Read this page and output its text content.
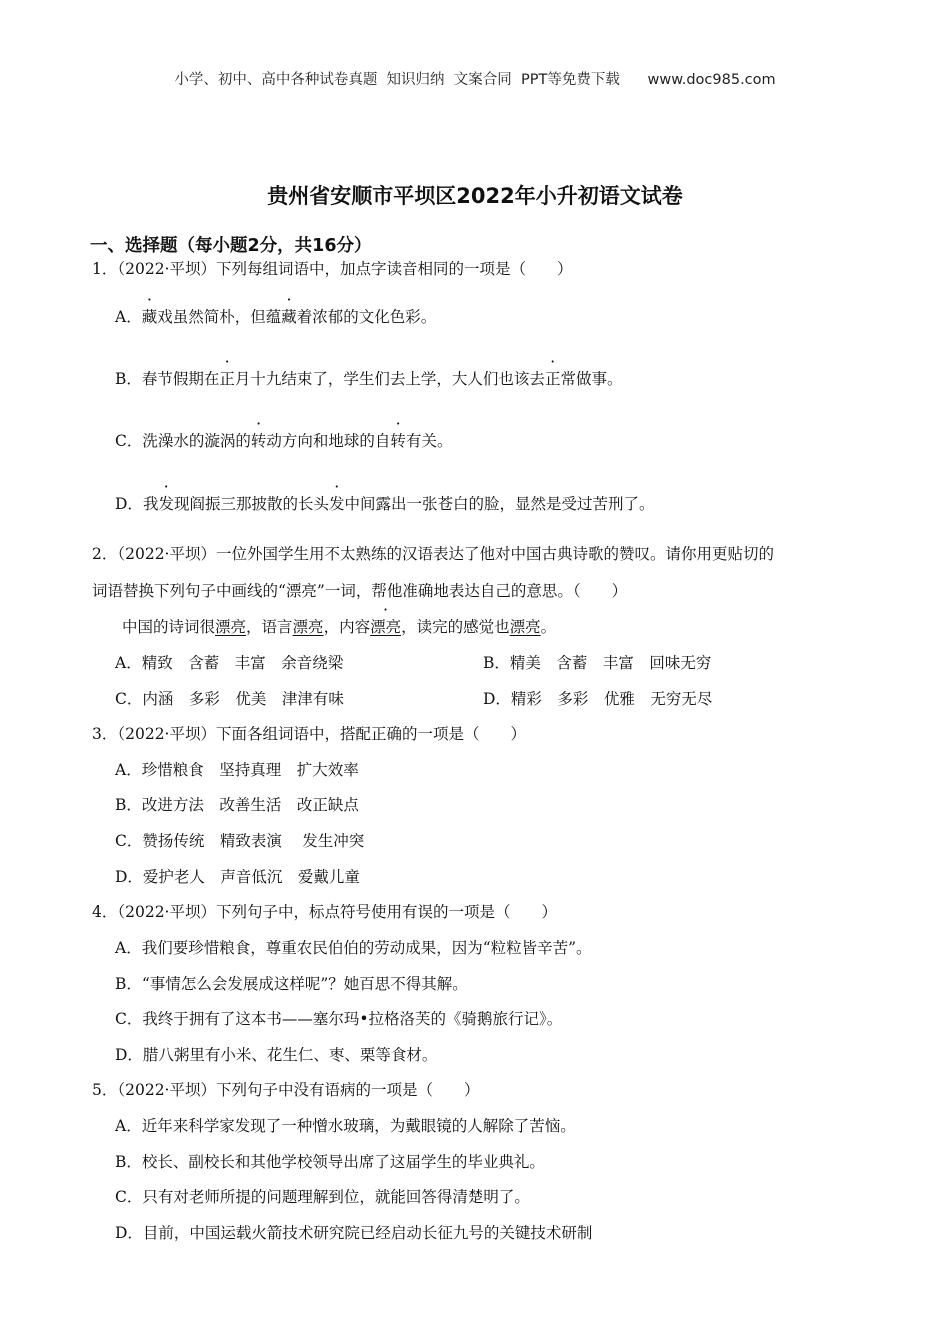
小学、初中、高中各种试卷真题  知识归纳  文案合同  PPT等免费下载      www.doc985.com
贵州省安顺市平坝区2022年小升初语文试卷
一、选择题（每小题2分，共16分）
1．（2022·平坝）下列每组词语中，加点字读音相同的一项是（　　）
A．藏戏虽然简朴，但蕴藏着浓郁的文化色彩。
B．春节假期在正月十九结束了，学生们去上学，大人们也该去正常做事。
C．洗澡水的漩涡的转动方向和地球的自转有关。
D．我发现阎振三那披散的长头发中间露出一张苍白的脸，显然是受过苦刑了。
2．（2022·平坝）一位外国学生用不太熟练的汉语表达了他对中国古典诗歌的赞叹。请你用更贴切的
词语替换下列句子中画线的“漂亮”一词，帮他准确地表达自己的意思。（　　）
中国的诗词很漂亮，语言漂亮，内容漂亮，读完的感觉也漂亮。
A．精致　含蓄　丰富　余音绕梁	B．精美　含蓄　丰富　回味无穷
C．内涵　多彩　优美　津津有味	D．精彩　多彩　优雅　无穷无尽
3．（2022·平坝）下面各组词语中，搭配正确的一项是（　　）
A．珍惜粮食　坚持真理　扩大效率
B．改进方法　改善生活　改正缺点
C．赞扬传统　精致表演　 发生冲突
D．爱护老人　声音低沉　爱戴儿童
4．（2022·平坝）下列句子中，标点符号使用有误的一项是（　　）
A．我们要珍惜粮食，尊重农民伯伯的劳动成果，因为“粒粒皆辛苦”。
B．“事情怎么会发展成这样呢”？她百思不得其解。
C．我终于拥有了这本书——塞尔玛•拉格洛芙的《骑鹅旅行记》。
D．腊八粥里有小米、花生仁、枣、栗等食材。
5．（2022·平坝）下列句子中没有语病的一项是（　　）
A．近年来科学家发现了一种憎水玻璃，为戴眼镜的人解除了苦恼。
B．校长、副校长和其他学校领导出席了这届学生的毕业典礼。
C．只有对老师所提的问题理解到位，就能回答得清楚明了。
D．目前，中国运载火箭技术研究院已经启动长征九号的关键技术研制
